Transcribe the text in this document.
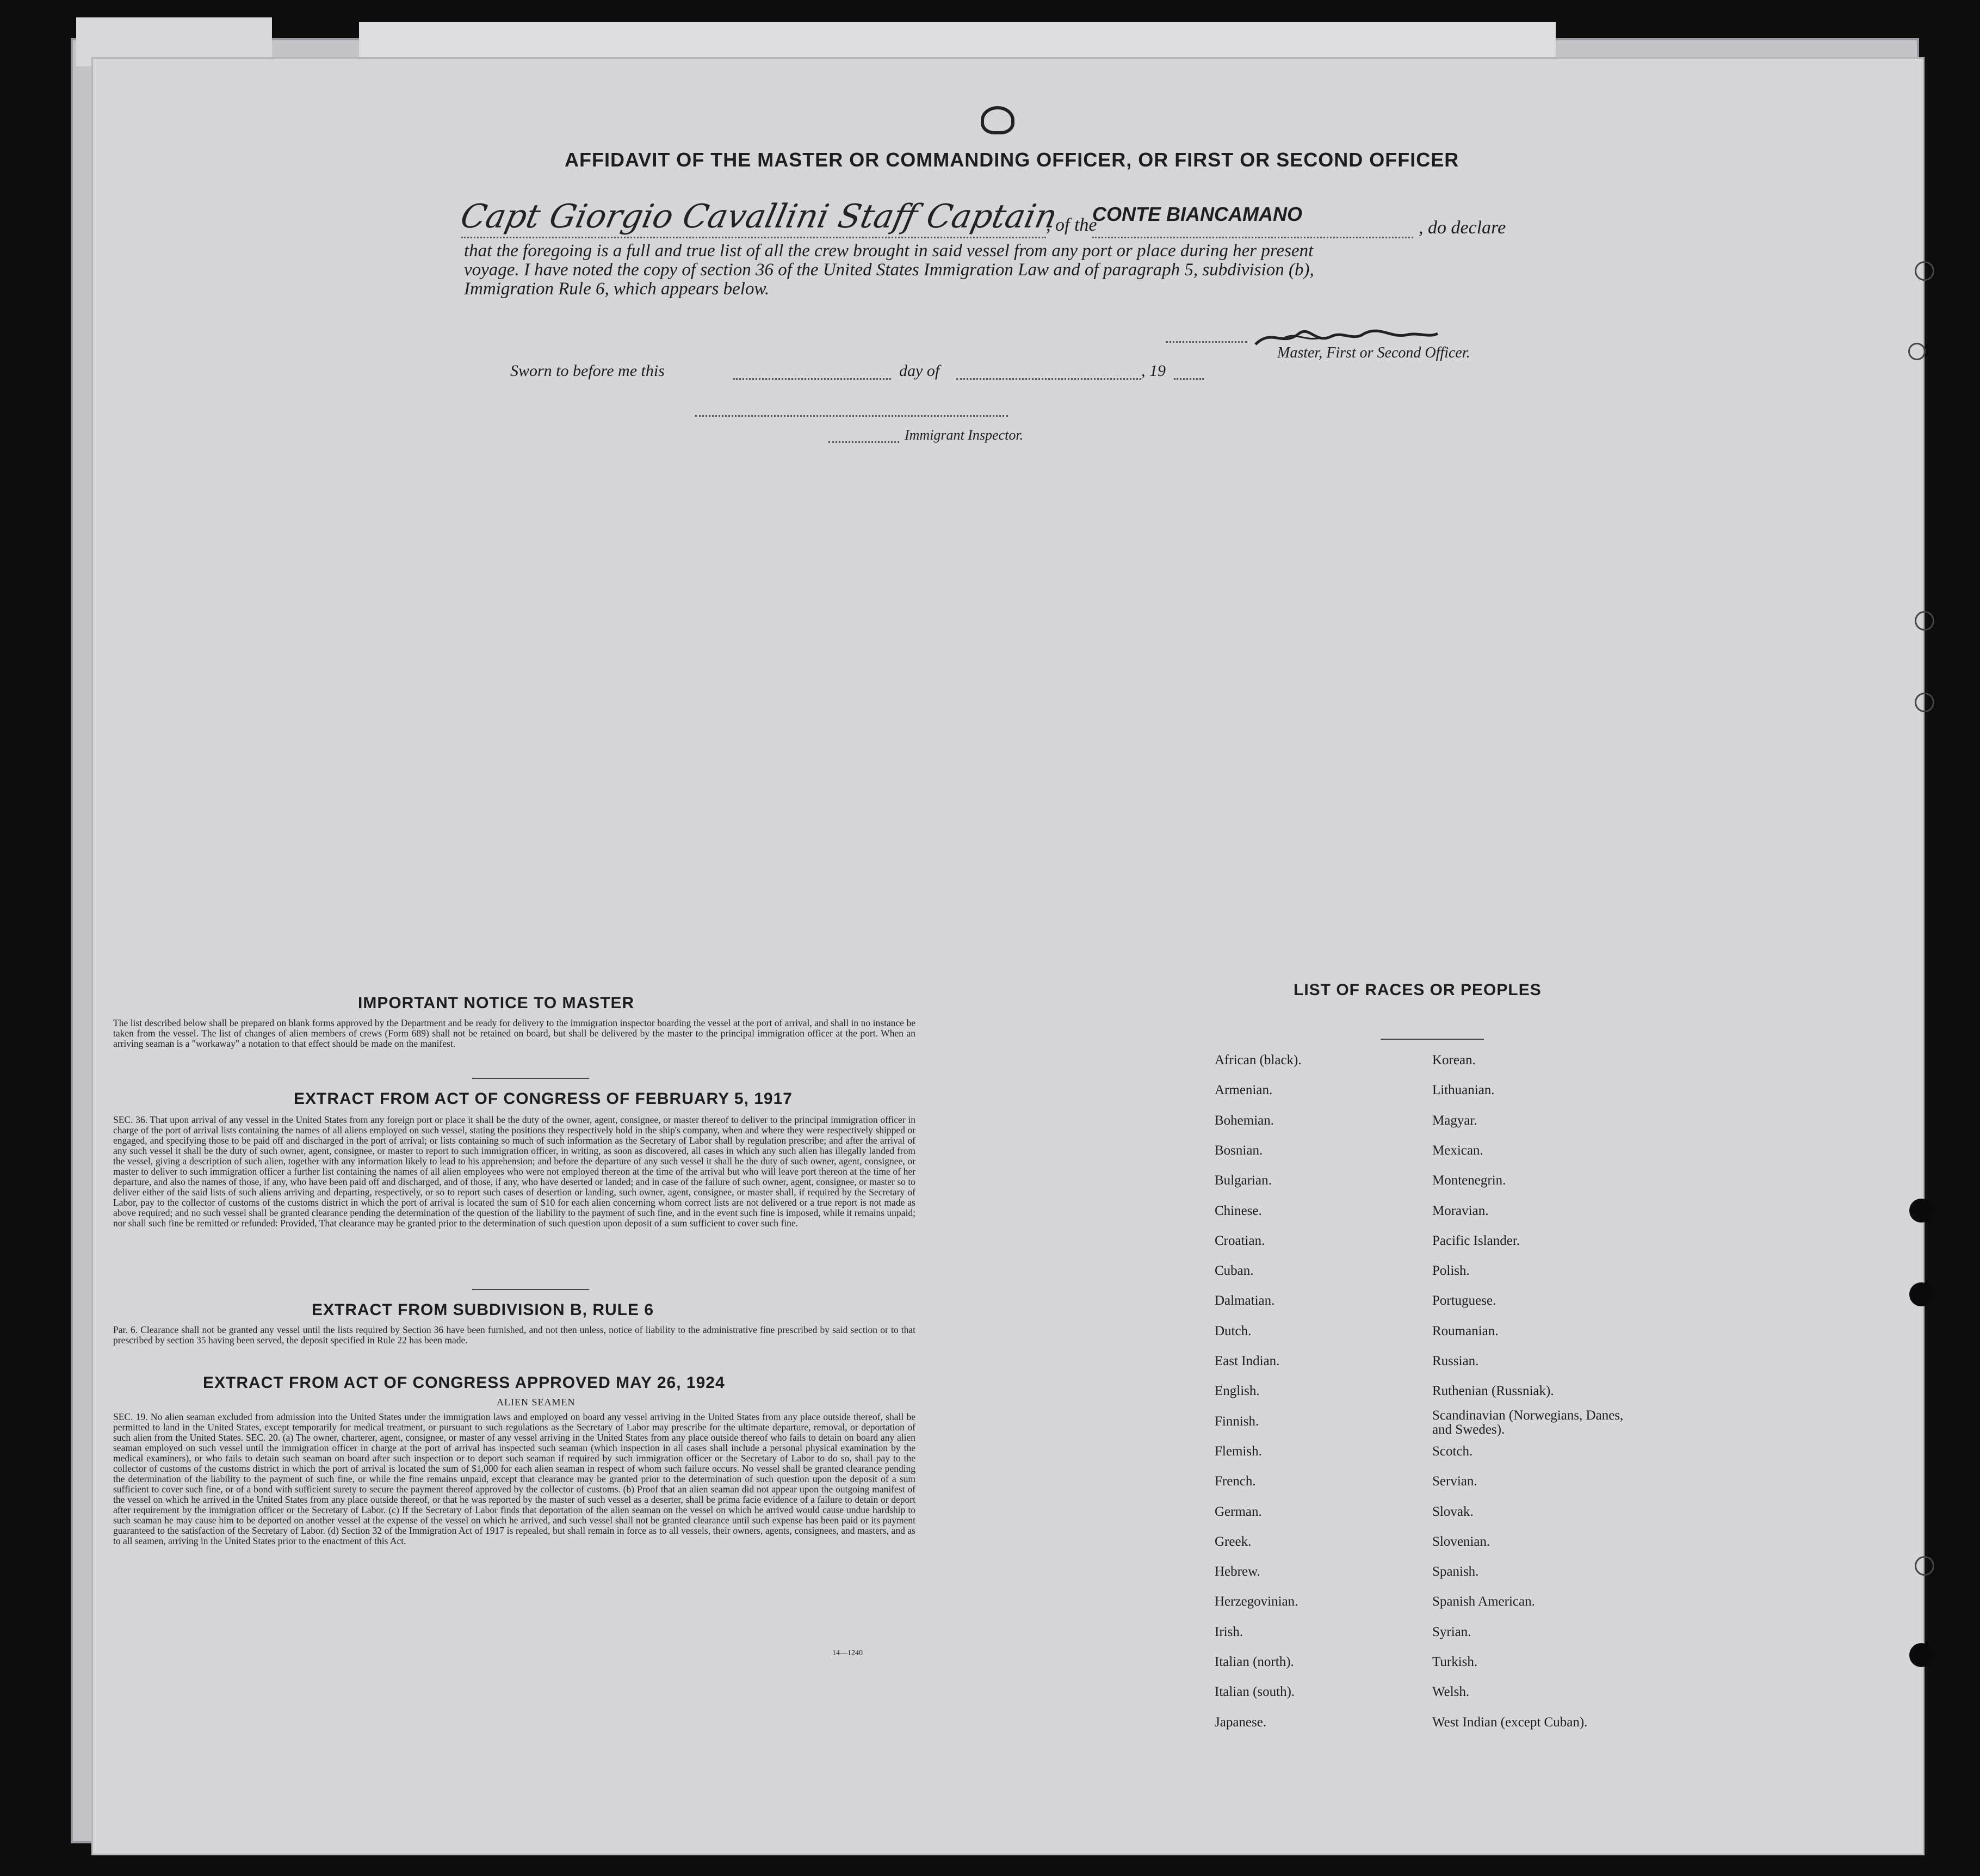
AFFIDAVIT OF THE MASTER OR COMMANDING OFFICER, OR FIRST OR SECOND OFFICER
Capt Giorgio Cavallini Staff Captain
, of the
CONTE BIANCAMANO
, do declare
that the foregoing is a full and true list of all the crew brought in said vessel from any port or place during her present
voyage. I have noted the copy of section 36 of the United States Immigration Law and of paragraph 5, subdivision (b),
Immigration Rule 6, which appears below.
Master, First or Second Officer.
Sworn to before me this	day of	, 19
Immigrant Inspector.
IMPORTANT NOTICE TO MASTER
The list described below shall be prepared on blank forms approved by the Department and be ready for delivery to the immigration inspector boarding the vessel at the port of arrival, and shall in no instance be taken from the vessel. The list of changes of alien members of crews (Form 689) shall not be retained on board, but shall be delivered by the master to the principal immigration officer at the port. When an arriving seaman is a "workaway" a notation to that effect should be made on the manifest.
EXTRACT FROM ACT OF CONGRESS OF FEBRUARY 5, 1917
SEC. 36. That upon arrival of any vessel in the United States from any foreign port or place it shall be the duty of the owner, agent, consignee, or master thereof to deliver to the principal immigration officer in charge of the port of arrival lists containing the names of all aliens employed on such vessel, stating the positions they respectively hold in the ship's company, when and where they were respectively shipped or engaged, and specifying those to be paid off and discharged in the port of arrival; or lists containing so much of such information as the Secretary of Labor shall by regulation prescribe; and after the arrival of any such vessel it shall be the duty of such owner, agent, consignee, or master to report to such immigration officer, in writing, as soon as discovered, all cases in which any such alien has illegally landed from the vessel, giving a description of such alien, together with any information likely to lead to his apprehension; and before the departure of any such vessel it shall be the duty of such owner, agent, consignee, or master to deliver to such immigration officer a further list containing the names of all alien employees who were not employed thereon at the time of the arrival but who will leave port thereon at the time of her departure, and also the names of those, if any, who have been paid off and discharged, and of those, if any, who have deserted or landed; and in case of the failure of such owner, agent, consignee, or master so to deliver either of the said lists of such aliens arriving and departing, respectively, or so to report such cases of desertion or landing, such owner, agent, consignee, or master shall, if required by the Secretary of Labor, pay to the collector of customs of the customs district in which the port of arrival is located the sum of $10 for each alien concerning whom correct lists are not delivered or a true report is not made as above required; and no such vessel shall be granted clearance pending the determination of the question of the liability to the payment of such fine, and in the event such fine is imposed, while it remains unpaid; nor shall such fine be remitted or refunded: Provided, That clearance may be granted prior to the determination of such question upon deposit of a sum sufficient to cover such fine.
EXTRACT FROM SUBDIVISION B, RULE 6
Par. 6. Clearance shall not be granted any vessel until the lists required by Section 36 have been furnished, and not then unless, notice of liability to the administrative fine prescribed by said section or to that prescribed by section 35 having been served, the deposit specified in Rule 22 has been made.
EXTRACT FROM ACT OF CONGRESS APPROVED MAY 26, 1924
ALIEN SEAMEN
SEC. 19. No alien seaman excluded from admission into the United States under the immigration laws and employed on board any vessel arriving in the United States from any place outside thereof, shall be permitted to land in the United States, except temporarily for medical treatment, or pursuant to such regulations as the Secretary of Labor may prescribe for the ultimate departure, removal, or deportation of such alien from the United States. SEC. 20. (a) The owner, charterer, agent, consignee, or master of any vessel arriving in the United States from any place outside thereof who fails to detain on board any alien seaman employed on such vessel until the immigration officer in charge at the port of arrival has inspected such seaman (which inspection in all cases shall include a personal physical examination by the medical examiners), or who fails to detain such seaman on board after such inspection or to deport such seaman if required by such immigration officer or the Secretary of Labor to do so, shall pay to the collector of customs of the customs district in which the port of arrival is located the sum of $1,000 for each alien seaman in respect of whom such failure occurs. No vessel shall be granted clearance pending the determination of the liability to the payment of such fine, or while the fine remains unpaid, except that clearance may be granted prior to the determination of such question upon the deposit of a sum sufficient to cover such fine, or of a bond with sufficient surety to secure the payment thereof approved by the collector of customs. (b) Proof that an alien seaman did not appear upon the outgoing manifest of the vessel on which he arrived in the United States from any place outside thereof, or that he was reported by the master of such vessel as a deserter, shall be prima facie evidence of a failure to detain or deport after requirement by the immigration officer or the Secretary of Labor. (c) If the Secretary of Labor finds that deportation of the alien seaman on the vessel on which he arrived would cause undue hardship to such seaman he may cause him to be deported on another vessel at the expense of the vessel on which he arrived, and such vessel shall not be granted clearance until such expense has been paid or its payment guaranteed to the satisfaction of the Secretary of Labor. (d) Section 32 of the Immigration Act of 1917 is repealed, but shall remain in force as to all vessels, their owners, agents, consignees, and masters, and as to all seamen, arriving in the United States prior to the enactment of this Act.
14—1240
LIST OF RACES OR PEOPLES
African (black).
Armenian.
Bohemian.
Bosnian.
Bulgarian.
Chinese.
Croatian.
Cuban.
Dalmatian.
Dutch.
East Indian.
English.
Finnish.
Flemish.
French.
German.
Greek.
Hebrew.
Herzegovinian.
Irish.
Italian (north).
Italian (south).
Japanese.
Korean.
Lithuanian.
Magyar.
Mexican.
Montenegrin.
Moravian.
Pacific Islander.
Polish.
Portuguese.
Roumanian.
Russian.
Ruthenian (Russniak).
Scandinavian (Norwegians, Danes, and Swedes).
Scotch.
Servian.
Slovak.
Slovenian.
Spanish.
Spanish American.
Syrian.
Turkish.
Welsh.
West Indian (except Cuban).
